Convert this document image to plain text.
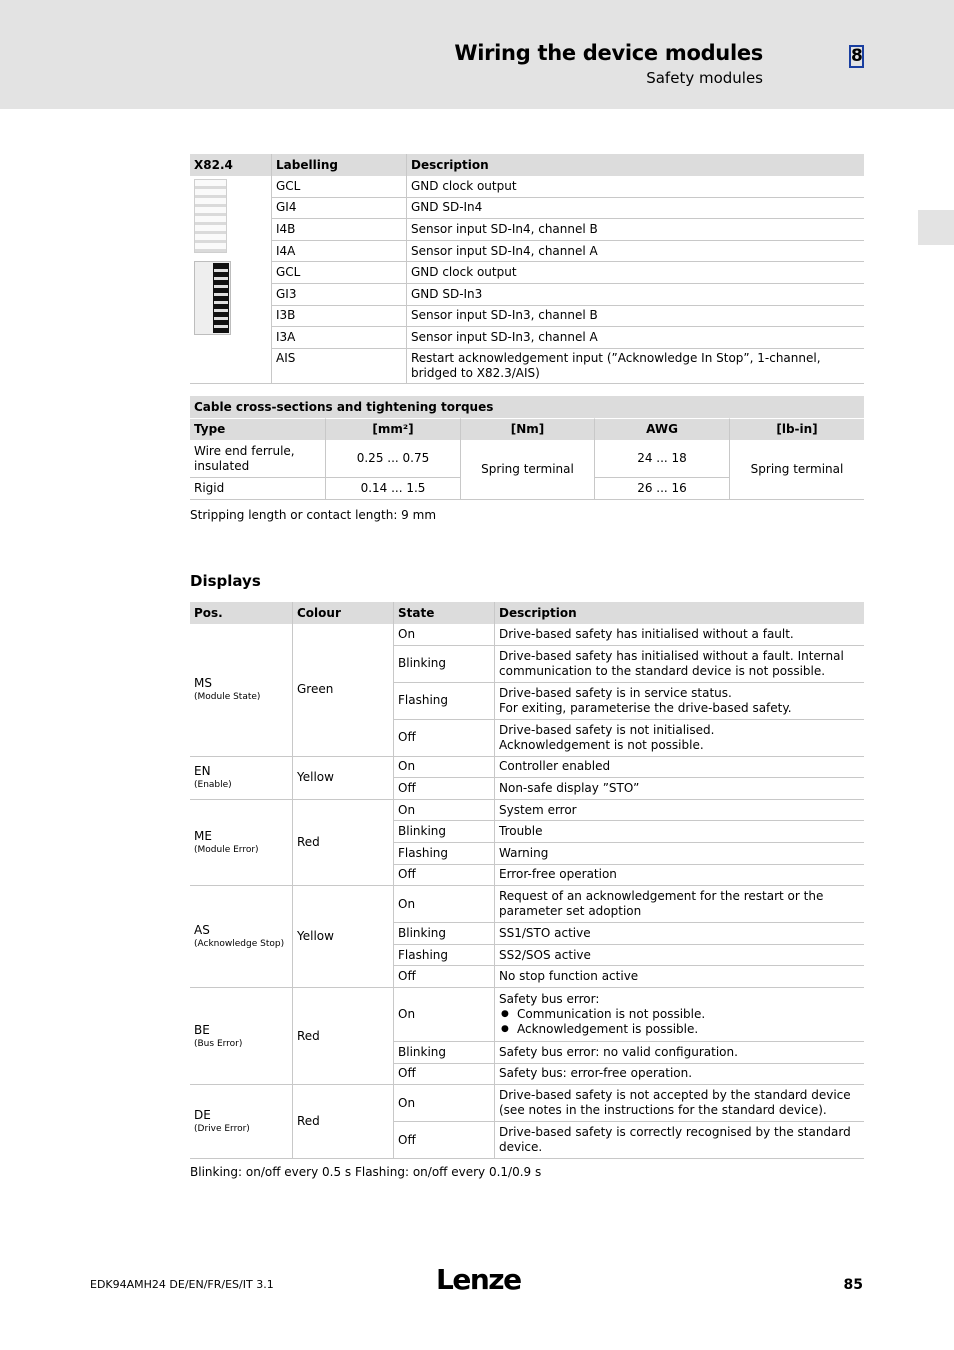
Wiring the device modules
Safety modules
8
X82.4	Labelling	Description

	GCL	GND clock output
	GI4	GND SD-In4
	I4B	Sensor input SD-In4, channel B
	I4A	Sensor input SD-In4, channel A
	GCL	GND clock output
	GI3	GND SD-In3
	I3B	Sensor input SD-In3, channel B
	I3A	Sensor input SD-In3, channel A
	AIS	Restart acknowledgement input (”Acknowledge In Stop”, 1-channel, bridged to X82.3/AIS)
Cable cross-sections and tightening torques				
Type	[mm²]	[Nm]	AWG	[lb-in]
Wire end ferrule, insulated	0.25 ... 0.75	Spring terminal	24 ... 18	Spring terminal
Rigid	0.14 ... 1.5		26 ... 16	
Stripping length or contact length: 9 mm
Displays
Pos.	Colour	State	Description
MS
(Module State)	Green	On	Drive-based safety has initialised without a fault.
		Blinking	Drive-based safety has initialised without a fault. Internal communication to the standard device is not possible.
		Flashing	Drive-based safety is in service status.
For exiting, parameterise the drive-based safety.

		Off	Drive-based safety is not initialised.
Acknowledgement is not possible.

EN
(Enable)	Yellow	On	Controller enabled
		Off	Non-safe display ”STO”
ME
(Module Error)	Red	On	System error
		Blinking	Trouble
		Flashing	Warning
		Off	Error-free operation
AS
(Acknowledge Stop)	Yellow	On	Request of an acknowledgement for the restart or the parameter set adoption
		Blinking	SS1/STO active
		Flashing	SS2/SOS active
		Off	No stop function active
BE
(Bus Error)	Red	On	Safety bus error:
● Communication is not possible.
● Acknowledgement is possible.

		Blinking	Safety bus error: no valid configuration.
		Off	Safety bus: error-free operation.
DE
(Drive Error)	Red	On	Drive-based safety is not accepted by the standard device (see notes in the instructions for the standard device).
		Off	Drive-based safety is correctly recognised by the standard device.
Blinking: on/off every 0.5 s Flashing: on/off every 0.1/0.9 s
EDK94AMH24 DE/EN/FR/ES/IT 3.1	Lenze	85
